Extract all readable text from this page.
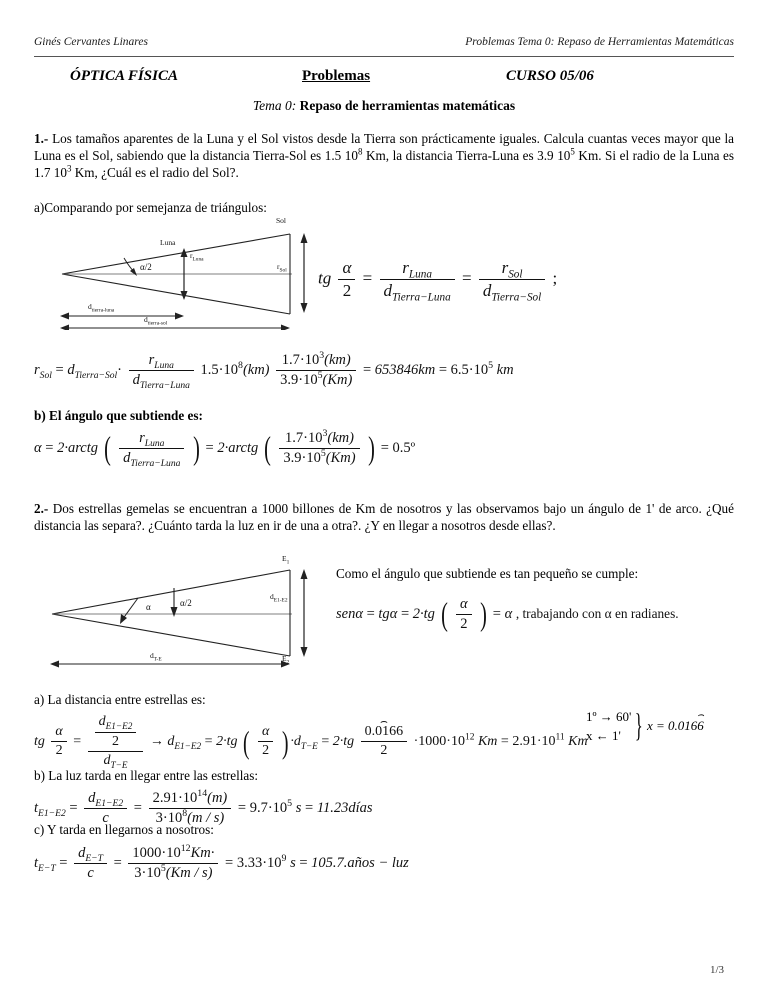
Ginés Cervantes Linares	Problemas Tema 0: Repaso de Herramientas Matemáticas
ÓPTICA FÍSICA	Problemas	CURSO 05/06
Tema 0: Repaso de herramientas matemáticas
1.- Los tamaños aparentes de la Luna y el Sol vistos desde la Tierra son prácticamente iguales. Calcula cuantas veces mayor que la Luna es el Sol, sabiendo que la distancia Tierra-Sol es 1.5 $10^8$ Km, la distancia Tierra-Luna es 3.9 $10^5$ Km. Si el radio de la Luna es 1.7 $10^3$ Km, ¿Cuál es el radio del Sol?.
a)Comparando por semejanza de triángulos:
Sol
Luna
α/2
$r_{Luna}$
$r_{Sol}$
$d_{tierra-luna}$
$d_{tierra-sol}$
tg $\frac{\alpha}{2} = \frac{r_{Luna}}{d_{Tierra-Luna}} = \frac{r_{Sol}}{d_{Tierra-Sol}}$ ;
$r_{Sol} = d_{Tierra-Sol}\cdot \frac{r_{Luna}}{d_{Tierra-Luna}} 1.5\cdot 10^8(km) \frac{1.7\cdot 10^3(km)}{3.9\cdot 10^5(Km)} = 653846km = 6.5\cdot 10^5$ km
b) El ángulo que subtiende es:
α = 2·arctg ( $\frac{r_{Luna}}{d_{Tierra-Luna}}$ ) = 2·arctg ( $\frac{1.7\cdot 10^3(km)}{3.9\cdot 10^5(Km)}$ ) = 0.5º
2.- Dos estrellas gemelas se encuentran a 1000 billones de Km de nosotros y las observamos bajo un ángulo de 1' de arco. ¿Qué distancia las separa?. ¿Cuánto tarda la luz en ir de una a otra?. ¿Y en llegar a nosotros desde ellas?.
$E_1$
$E_2$
α	α/2
$d_{E1-E2}$
$d_{T-E}$
Como el ángulo que subtiende es tan pequeño se cumple:
senα = tgα = 2·tg ( $\frac{\alpha}{2}$ ) = α , trabajando con α en radianes.
a) La distancia entre estrellas es:
tg $\frac{\alpha}{2} = \frac{\frac{d_{E1-E2}}{2}}{d_{T-E}} \to d_{E1-E2} = 2\cdot tg$ ( $\frac{\alpha}{2}$ ) $\cdot d_{T-E} = 2\cdot tg \frac{0.0166 ⌢}{2} \cdot 1000\cdot 10^{12}$ $Km = 2.91\cdot 10^{11}$ Km
1º → 60'
x ← 1' } x = 0.0166 ⌢
b) La luz tarda en llegar entre las estrellas:
$t_{E1-E2} = \frac{d_{E1-E2}}{c} = \frac{2.91\cdot 10^{14}(m)}{3\cdot 10^8(m / s)} = 9.7\cdot 10^5$ s = 11.23días
c) Y tarda en llegarnos a nosotros:
$t_{E-T} = \frac{d_{E-T}}{c} = \frac{1000\cdot 10^{12}Km\cdot}{3\cdot 10^5(Km / s)} = 3.33\cdot 10^9$ s = 105.7.años − luz
1/3
